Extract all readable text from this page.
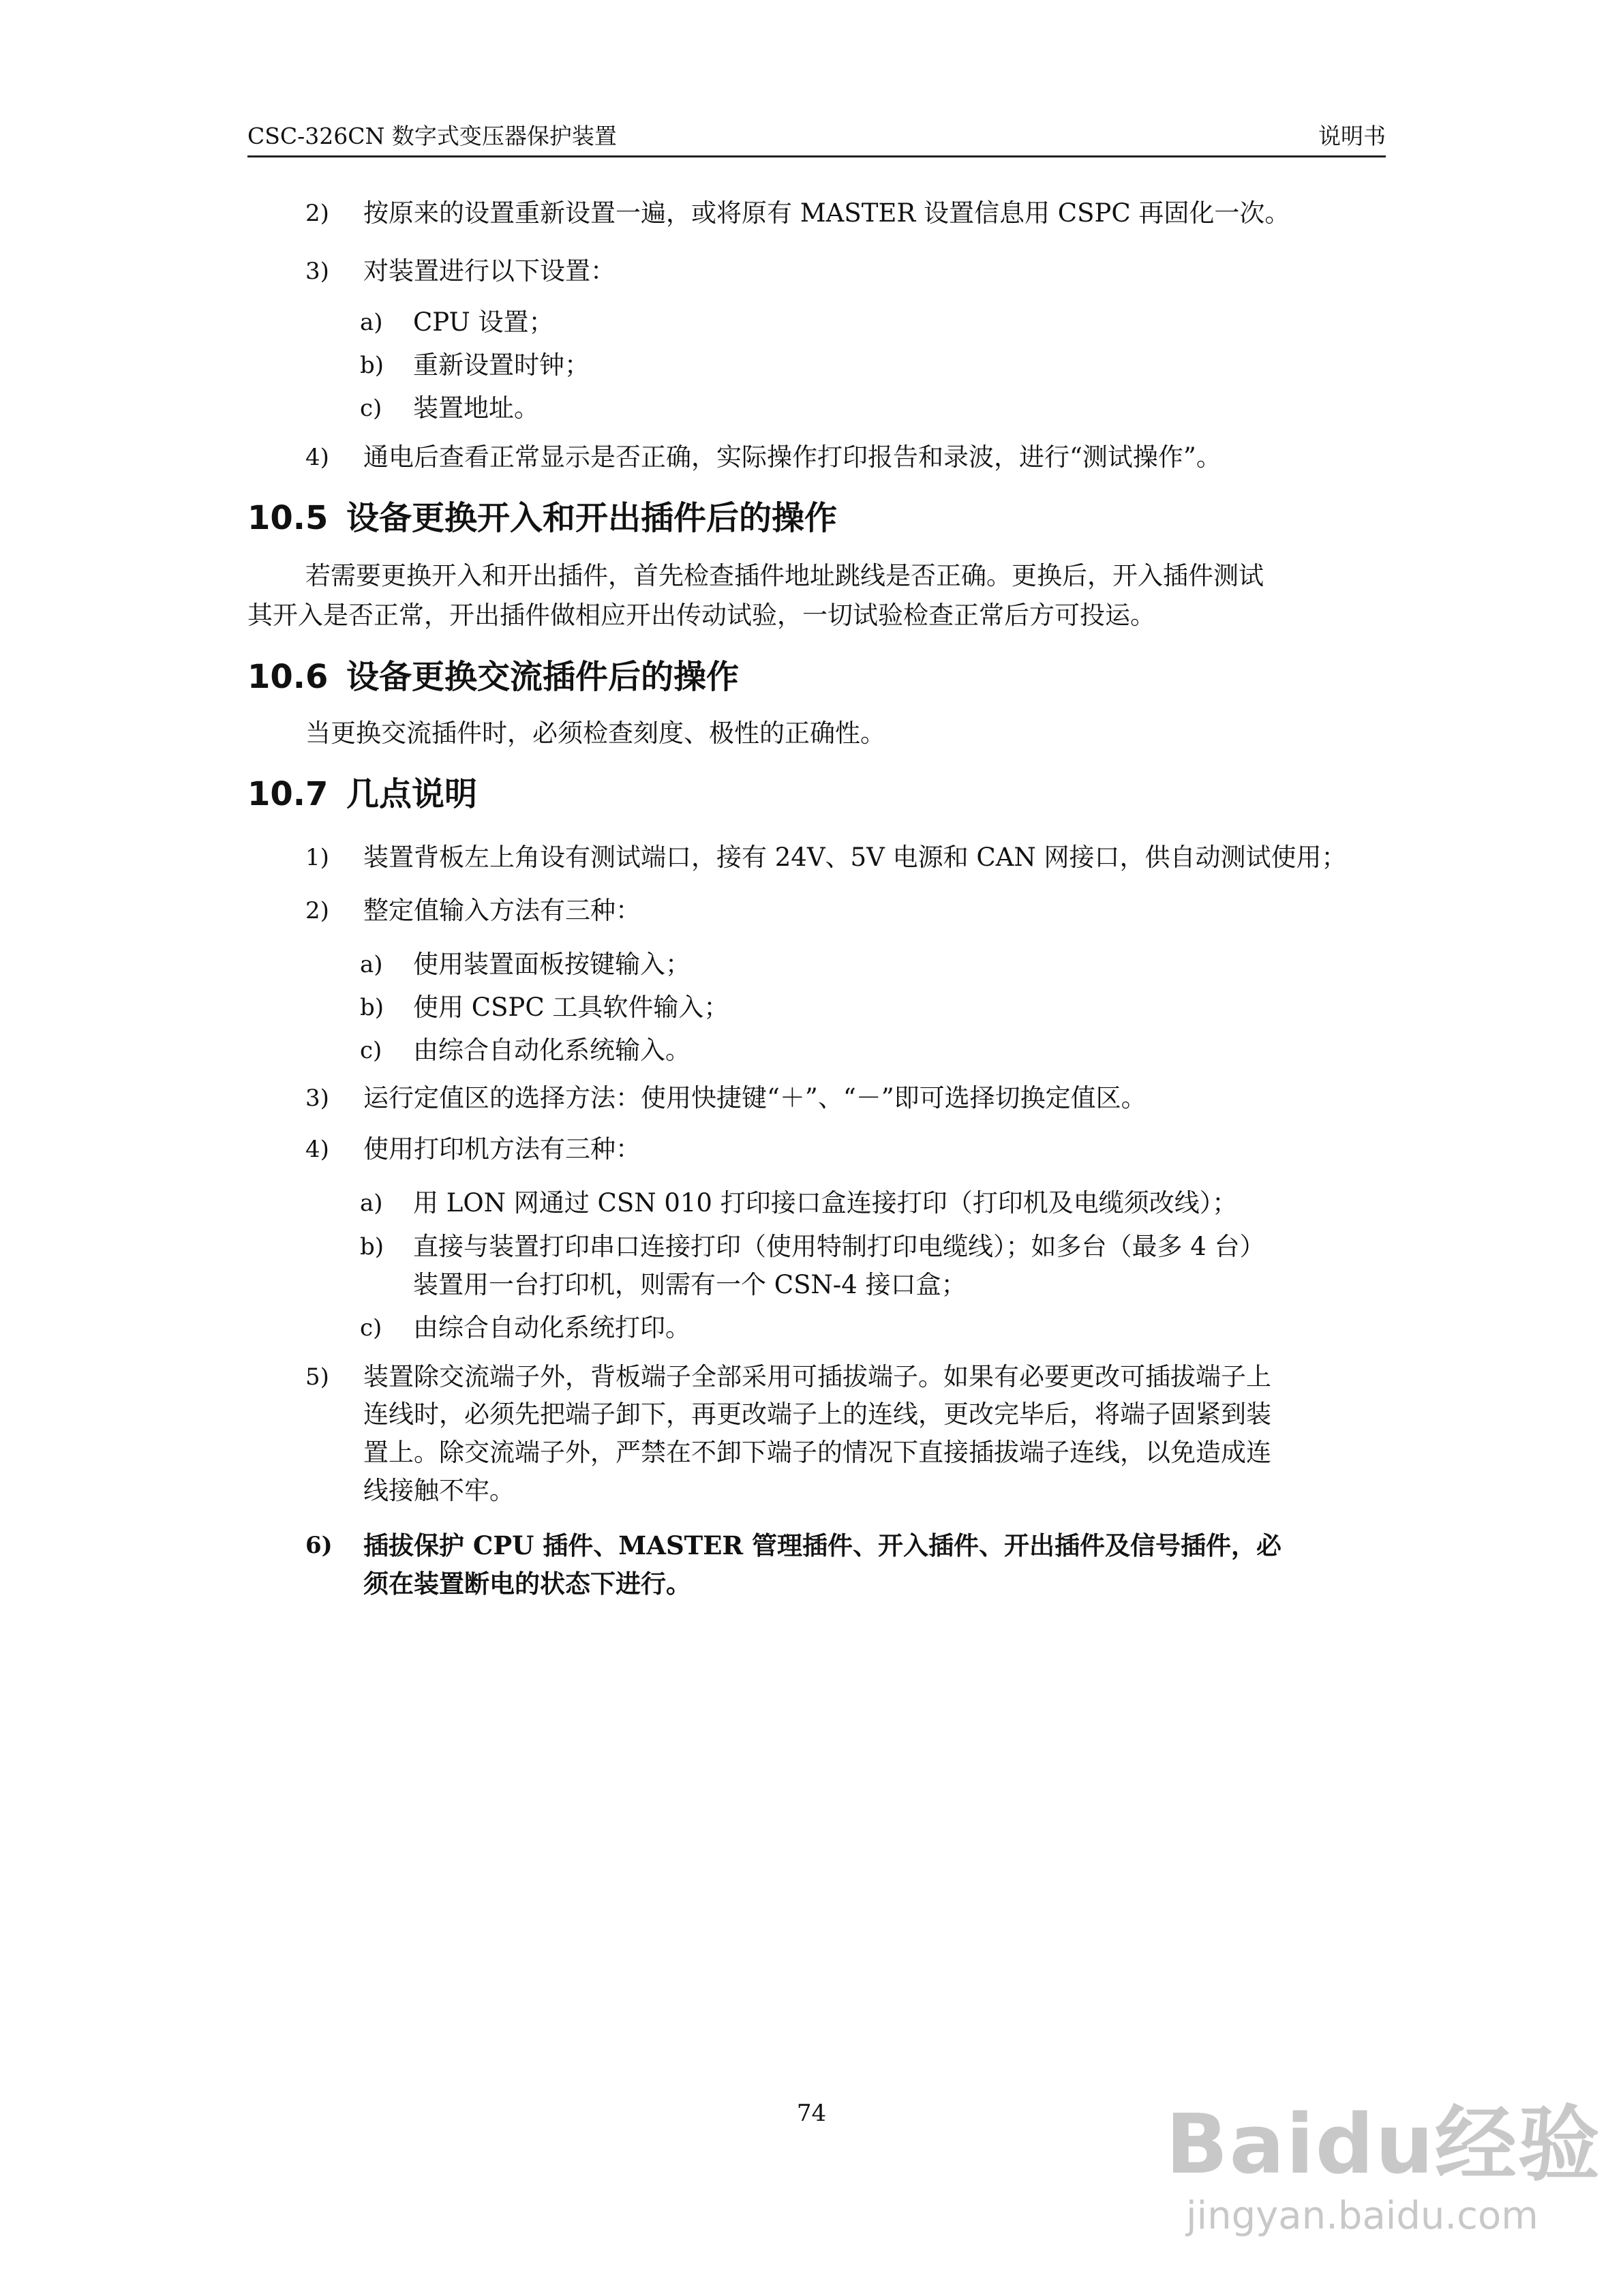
CSC-326CN 数字式变压器保护装置	说明书
2) 按原来的设置重新设置一遍，或将原有 MASTER 设置信息用 CSPC 再固化一次。
3) 对装置进行以下设置：
a) CPU 设置；
b) 重新设置时钟；
c) 装置地址。
4) 通电后查看正常显示是否正确，实际操作打印报告和录波，进行“测试操作”。
10.5 设备更换开入和开出插件后的操作
若需要更换开入和开出插件，首先检查插件地址跳线是否正确。更换后，开入插件测试
其开入是否正常，开出插件做相应开出传动试验，一切试验检查正常后方可投运。
10.6 设备更换交流插件后的操作
当更换交流插件时，必须检查刻度、极性的正确性。
10.7 几点说明
1) 装置背板左上角设有测试端口，接有 24V、5V 电源和 CAN 网接口，供自动测试使用；
2) 整定值输入方法有三种：
a) 使用装置面板按键输入；
b) 使用 CSPC 工具软件输入；
c) 由综合自动化系统输入。
3) 运行定值区的选择方法：使用快捷键“＋”、“－”即可选择切换定值区。
4) 使用打印机方法有三种：
a) 用 LON 网通过 CSN 010 打印接口盒连接打印（打印机及电缆须改线）；
b) 直接与装置打印串口连接打印（使用特制打印电缆线）；如多台（最多 4 台）
装置用一台打印机，则需有一个 CSN-4 接口盒；
c) 由综合自动化系统打印。
5) 装置除交流端子外，背板端子全部采用可插拔端子。如果有必要更改可插拔端子上
连线时，必须先把端子卸下，再更改端子上的连线，更改完毕后，将端子固紧到装
置上。除交流端子外，严禁在不卸下端子的情况下直接插拔端子连线，以免造成连
线接触不牢。
6) 插拔保护 CPU 插件、MASTER 管理插件、开入插件、开出插件及信号插件，必
须在装置断电的状态下进行。
74	Baidu经验
jingyan.baidu.com
